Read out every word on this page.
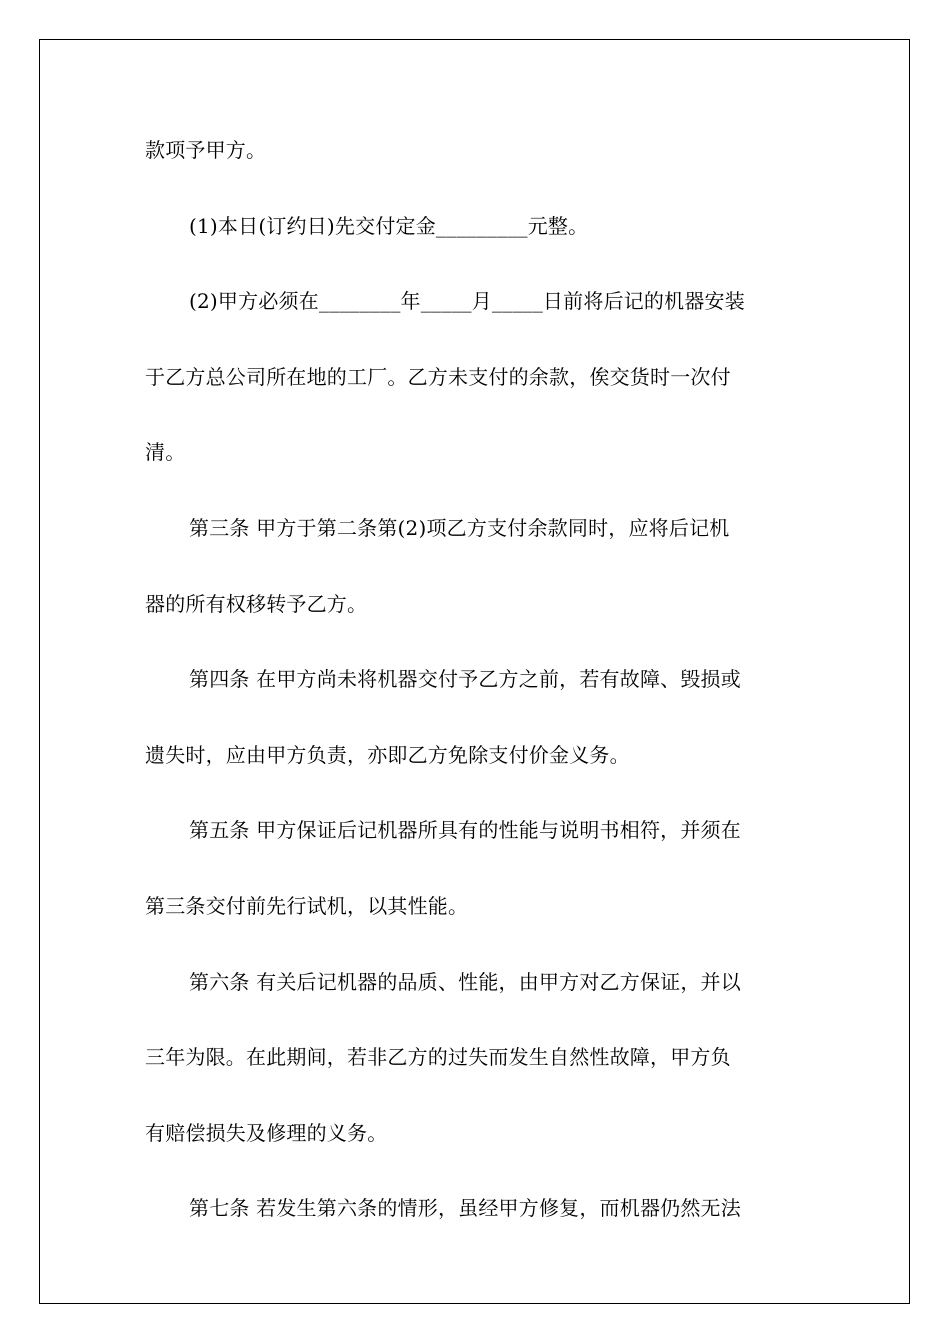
款项予甲方。
(1)本日(订约日)先交付定金_________元整。
(2)甲方必须在________年_____月_____日前将后记的机器安装
于乙方总公司所在地的工厂。乙方未支付的余款，俟交货时一次付
清。
第三条 甲方于第二条第(2)项乙方支付余款同时，应将后记机
器的所有权移转予乙方。
第四条 在甲方尚未将机器交付予乙方之前，若有故障、毁损或
遗失时，应由甲方负责，亦即乙方免除支付价金义务。
第五条 甲方保证后记机器所具有的性能与说明书相符，并须在
第三条交付前先行试机，以其性能。
第六条 有关后记机器的品质、性能，由甲方对乙方保证，并以
三年为限。在此期间，若非乙方的过失而发生自然性故障，甲方负
有赔偿损失及修理的义务。
第七条 若发生第六条的情形，虽经甲方修复，而机器仍然无法
